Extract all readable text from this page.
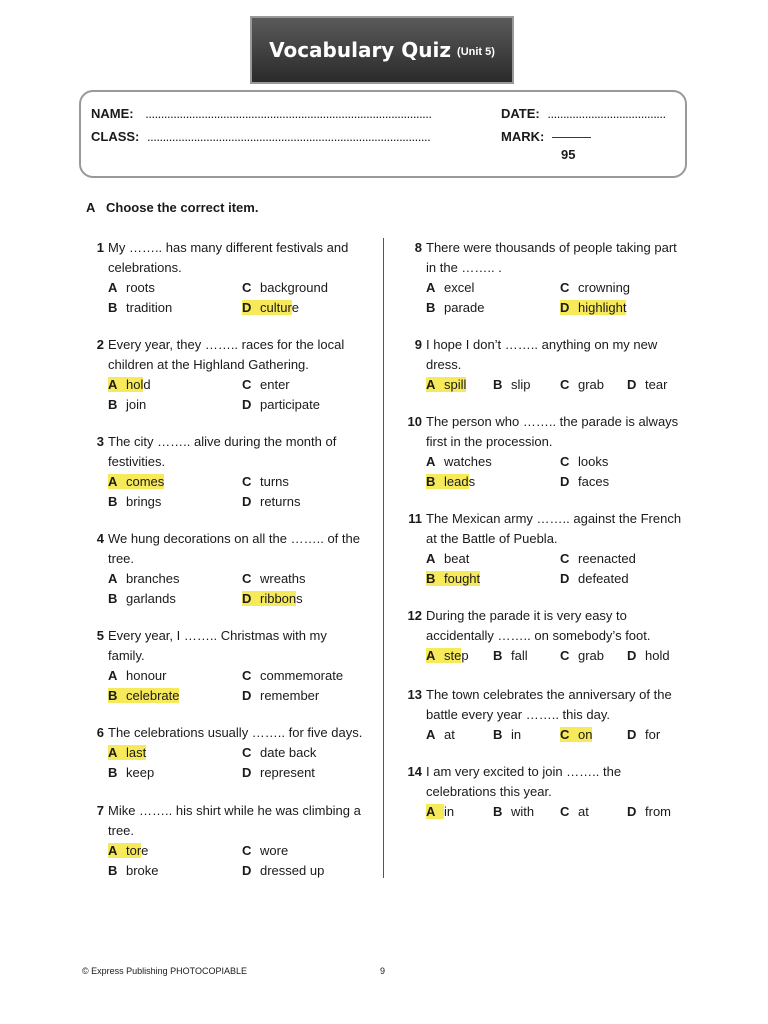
Vocabulary Quiz (Unit 5)
NAME: ............................................................................................
CLASS: ...........................................................................................
DATE: ......................................
MARK: ———
95
A Choose the correct item.
1 My …….. has many different festivals and
celebrations.
A roots
B tradition
C background
D culture
2 Every year, they …….. races for the local
children at the Highland Gathering.
A hold
B join
C enter
D participate
3 The city …….. alive during the month of
festivities.
A comes
B brings
C turns
D returns
4 We hung decorations on all the …….. of the
tree.
A branches
B garlands
C wreaths
D ribbons
5 Every year, I …….. Christmas with my
family.
A honour
B celebrate
C commemorate
D remember
6 The celebrations usually …….. for five days.
A last
B keep
C date back
D represent
7 Mike …….. his shirt while he was climbing a
tree.
A tore
B broke
C wore
D dressed up
8 There were thousands of people taking part
in the …….. .
A excel
B parade
C crowning
D highlight
9 I hope I don’t …….. anything on my new
dress.
A spill B slip C grab D tear
10 The person who …….. the parade is always
first in the procession.
A watches
B leads
C looks
D faces
11 The Mexican army …….. against the French
at the Battle of Puebla.
A beat
B fought
C reenacted
D defeated
12 During the parade it is very easy to
accidentally …….. on somebody’s foot.
A step B fall C grab D hold
13 The town celebrates the anniversary of the
battle every year …….. this day.
A at	B in	C on	D for
14 I am very excited to join …….. the
celebrations this year.
A in	B with C at	D from
© Express Publishing PHOTOCOPIABLE	9
